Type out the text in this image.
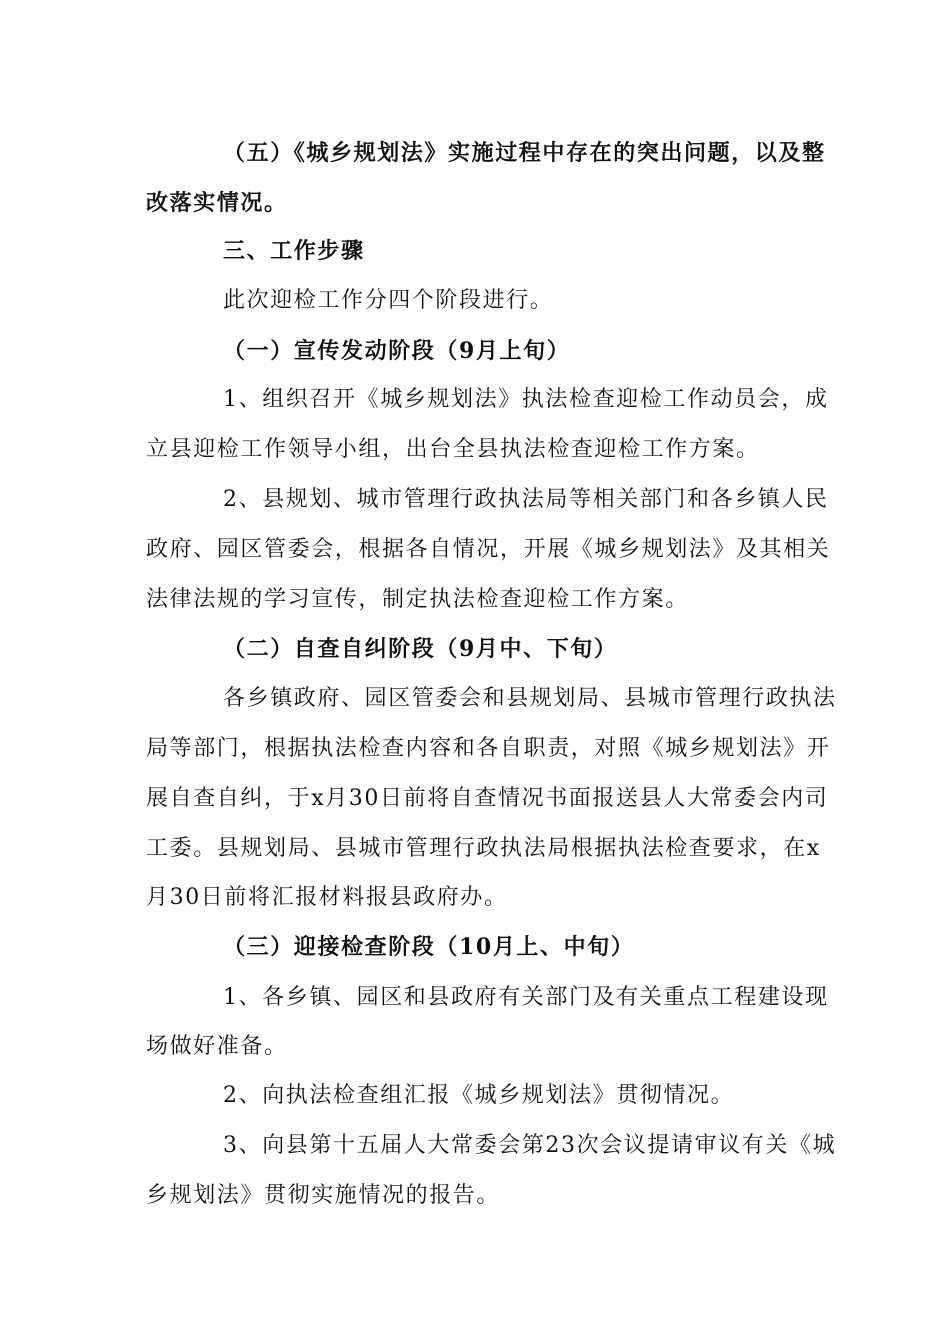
（五）《城乡规划法》实施过程中存在的突出问题，以及整
改落实情况。
三、工作步骤
此次迎检工作分四个阶段进行。
（一）宣传发动阶段（9月上旬）
1、组织召开《城乡规划法》执法检查迎检工作动员会，成
立县迎检工作领导小组，出台全县执法检查迎检工作方案。
2、县规划、城市管理行政执法局等相关部门和各乡镇人民
政府、园区管委会，根据各自情况，开展《城乡规划法》及其相关
法律法规的学习宣传，制定执法检查迎检工作方案。
（二）自查自纠阶段（9月中、下旬）
各乡镇政府、园区管委会和县规划局、县城市管理行政执法
局等部门，根据执法检查内容和各自职责，对照《城乡规划法》开
展自查自纠，于x月30日前将自查情况书面报送县人大常委会内司
工委。县规划局、县城市管理行政执法局根据执法检查要求，在x
月30日前将汇报材料报县政府办。
（三）迎接检查阶段（10月上、中旬）
1、各乡镇、园区和县政府有关部门及有关重点工程建设现
场做好准备。
2、向执法检查组汇报《城乡规划法》贯彻情况。
3、向县第十五届人大常委会第23次会议提请审议有关《城
乡规划法》贯彻实施情况的报告。
